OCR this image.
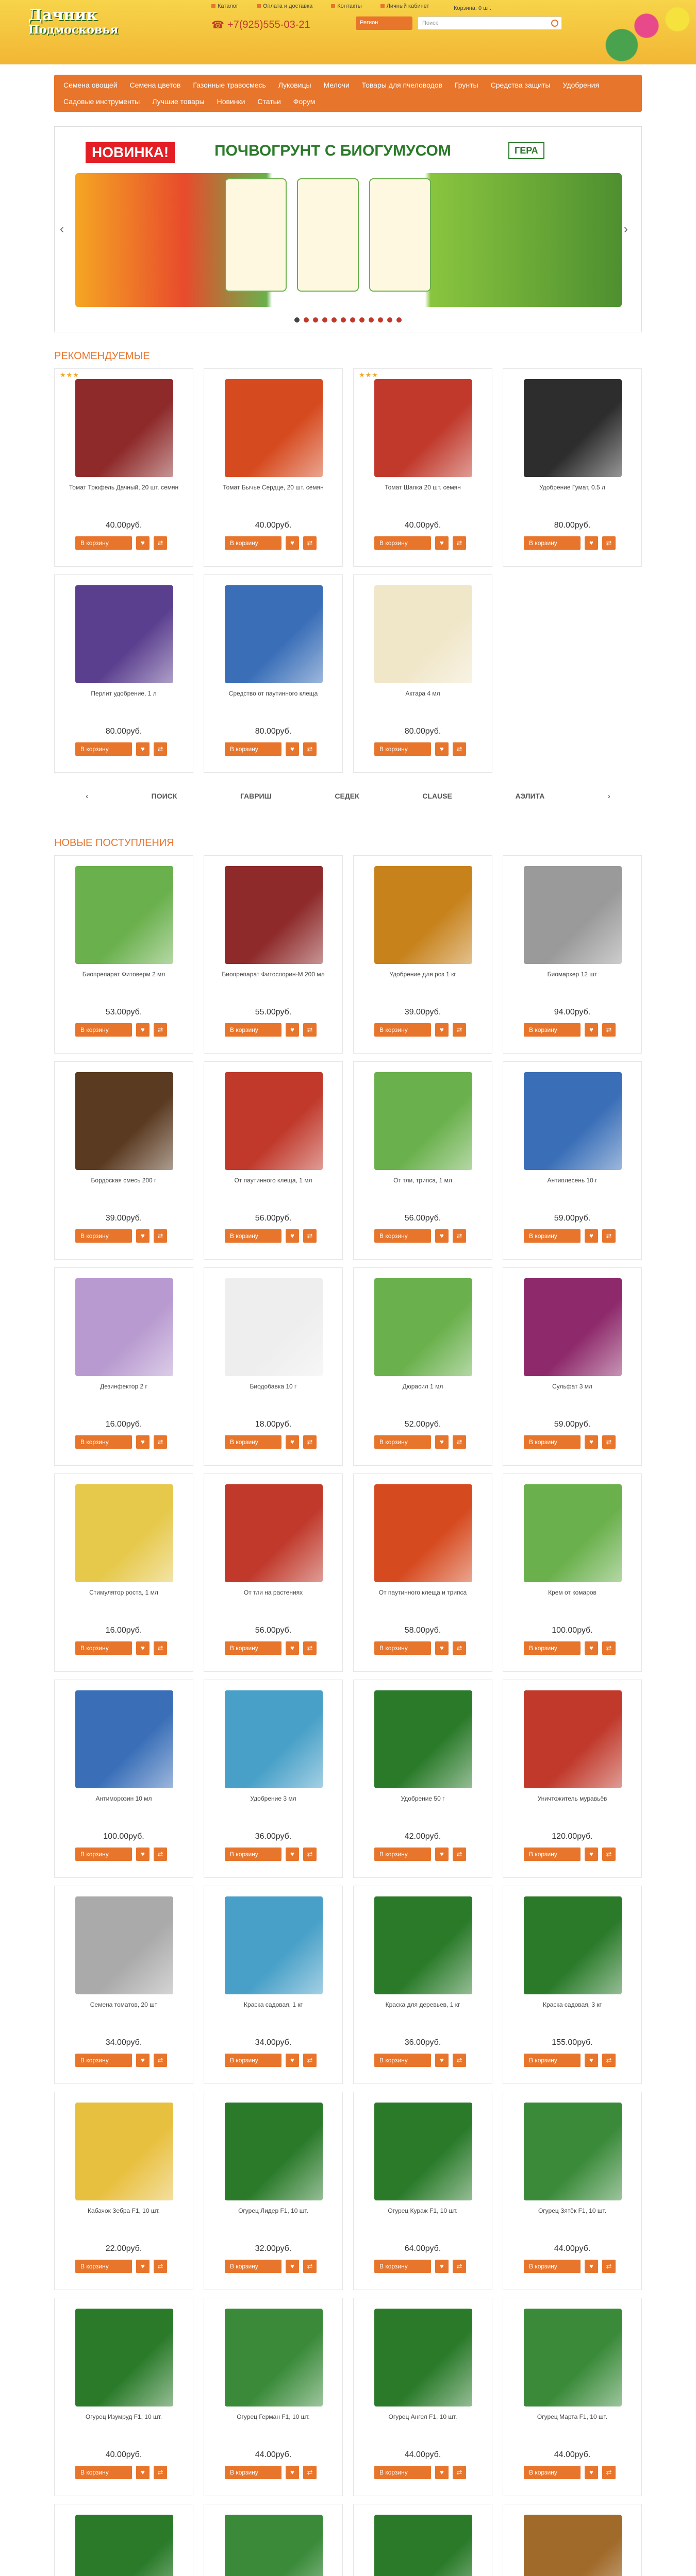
Дачник
Подмосковья
Каталог	Оплата и доставка	Контакты	Личный кабинет
☎ +7(925)555-03-21	Регион	Поиск
Корзина: 0 шт.
Семена овощей	Семена цветов	Газонные травосмесь	Луковицы	Мелочи	Товары для пчеловодов	Грунты	Средства защиты	Удобрения
Садовые инструменты	Лучшие товары	Новинки	Статьи	Форум
НОВИНКА!	ПОЧВОГРУНТ С БИОГУМУСОМ	ГЕРА
‹	›
РЕКОМЕНДУЕМЫЕ
★★★
Томат Трюфель Дачный, 20 шт. семян
40.00руб.
В корзину	♥	⇄
Томат Бычье Сердце, 20 шт. семян
40.00руб.
В корзину	♥	⇄
★★★
Томат Шапка 20 шт. семян
40.00руб.
В корзину	♥	⇄
Удобрение Гумат, 0.5 л
80.00руб.
В корзину	♥	⇄
Перлит удобрение, 1 л
80.00руб.
В корзину	♥	⇄
Средство от паутинного клеща
80.00руб.
В корзину	♥	⇄
Актара 4 мл
80.00руб.
В корзину	♥	⇄
‹	ПОИСК	ГАВРИШ	СЕДЕК	CLAUSE	АЭЛИТА	›
НОВЫЕ ПОСТУПЛЕНИЯ
Биопрепарат Фитоверм 2 мл
53.00руб.
В корзину	♥	⇄
Биопрепарат Фитоспорин-М 200 мл
55.00руб.
В корзину	♥	⇄
Удобрение для роз 1 кг
39.00руб.
В корзину	♥	⇄
Биомаркер 12 шт
94.00руб.
В корзину	♥	⇄
Бордоская смесь 200 г
39.00руб.
В корзину	♥	⇄
От паутинного клеща, 1 мл
56.00руб.
В корзину	♥	⇄
От тли, трипса, 1 мл
56.00руб.
В корзину	♥	⇄
Антиплесень 10 г
59.00руб.
В корзину	♥	⇄
Дезинфектор 2 г
16.00руб.
В корзину	♥	⇄
Биодобавка 10 г
18.00руб.
В корзину	♥	⇄
Дюрасил 1 мл
52.00руб.
В корзину	♥	⇄
Сульфат 3 мл
59.00руб.
В корзину	♥	⇄
Стимулятор роста, 1 мл
16.00руб.
В корзину	♥	⇄
От тли на растениях
56.00руб.
В корзину	♥	⇄
От паутинного клеща и трипса
58.00руб.
В корзину	♥	⇄
Крем от комаров
100.00руб.
В корзину	♥	⇄
Антиморозин 10 мл
100.00руб.
В корзину	♥	⇄
Удобрение 3 мл
36.00руб.
В корзину	♥	⇄
Удобрение 50 г
42.00руб.
В корзину	♥	⇄
Уничтожитель муравьёв
120.00руб.
В корзину	♥	⇄
Семена томатов, 20 шт
34.00руб.
В корзину	♥	⇄
Краска садовая, 1 кг
34.00руб.
В корзину	♥	⇄
Краска для деревьев, 1 кг
36.00руб.
В корзину	♥	⇄
Краска садовая, 3 кг
155.00руб.
В корзину	♥	⇄
Кабачок Зебра F1, 10 шт.
22.00руб.
В корзину	♥	⇄
Огурец Лидер F1, 10 шт.
32.00руб.
В корзину	♥	⇄
Огурец Кураж F1, 10 шт.
64.00руб.
В корзину	♥	⇄
Огурец Зятёк F1, 10 шт.
44.00руб.
В корзину	♥	⇄
Огурец Изумруд F1, 10 шт.
40.00руб.
В корзину	♥	⇄
Огурец Герман F1, 10 шт.
44.00руб.
В корзину	♥	⇄
Огурец Ангел F1, 10 шт.
44.00руб.
В корзину	♥	⇄
Огурец Марта F1, 10 шт.
44.00руб.
В корзину	♥	⇄
